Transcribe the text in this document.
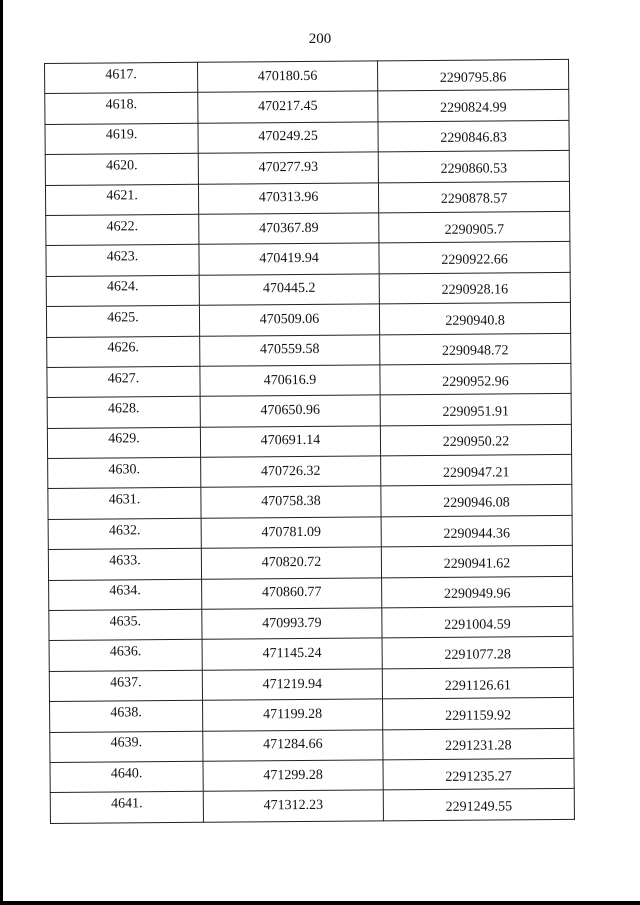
200
4617.	470180.56	2290795.86
4618.	470217.45	2290824.99
4619.	470249.25	2290846.83
4620.	470277.93	2290860.53
4621.	470313.96	2290878.57
4622.	470367.89	2290905.7
4623.	470419.94	2290922.66
4624.	470445.2	2290928.16
4625.	470509.06	2290940.8
4626.	470559.58	2290948.72
4627.	470616.9	2290952.96
4628.	470650.96	2290951.91
4629.	470691.14	2290950.22
4630.	470726.32	2290947.21
4631.	470758.38	2290946.08
4632.	470781.09	2290944.36
4633.	470820.72	2290941.62
4634.	470860.77	2290949.96
4635.	470993.79	2291004.59
4636.	471145.24	2291077.28
4637.	471219.94	2291126.61
4638.	471199.28	2291159.92
4639.	471284.66	2291231.28
4640.	471299.28	2291235.27
4641.	471312.23	2291249.55
